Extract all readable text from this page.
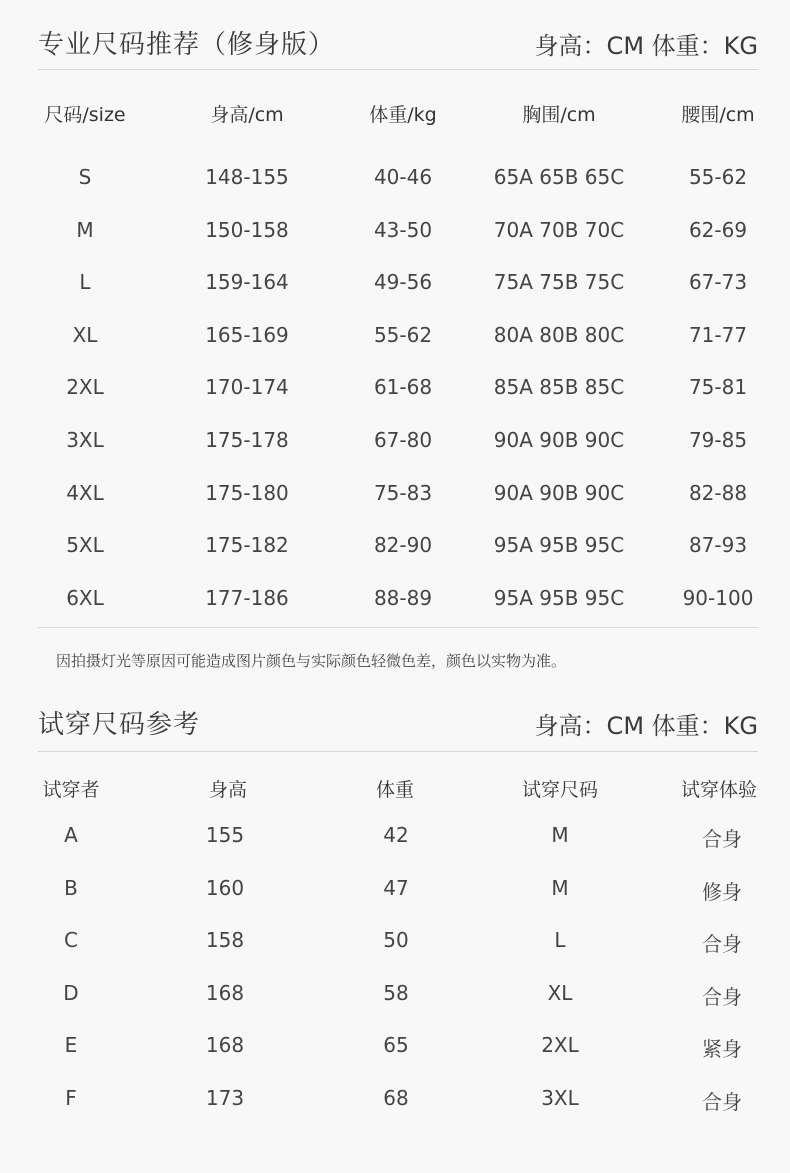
专业尺码推荐（修身版）	身高：CM 体重：KG
尺码/size	身高/cm	体重/kg	胸围/cm	腰围/cm
S	148-155	40-46	65A 65B 65C	55-62
M	150-158	43-50	70A 70B 70C	62-69
L	159-164	49-56	75A 75B 75C	67-73
XL	165-169	55-62	80A 80B 80C	71-77
2XL	170-174	61-68	85A 85B 85C	75-81
3XL	175-178	67-80	90A 90B 90C	79-85
4XL	175-180	75-83	90A 90B 90C	82-88
5XL	175-182	82-90	95A 95B 95C	87-93
6XL	177-186	88-89	95A 95B 95C	90-100
因拍摄灯光等原因可能造成图片颜色与实际颜色轻微色差，颜色以实物为准。
试穿尺码参考	身高：CM 体重：KG
试穿者	身高	体重	试穿尺码	试穿体验
A	155	42	M	合身
B	160	47	M	修身
C	158	50	L	合身
D	168	58	XL	合身
E	168	65	2XL	紧身
F	173	68	3XL	合身
